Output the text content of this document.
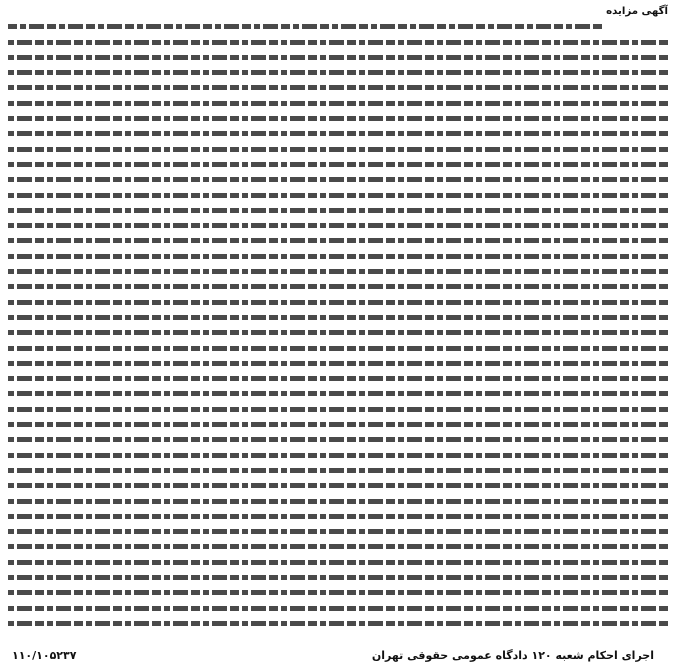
آگهی مزایده
اجرای احکام شعبه ۱۲۰ دادگاه عمومی حقوقی تهران
۱۱۰/۱۰۵۲۳۷
